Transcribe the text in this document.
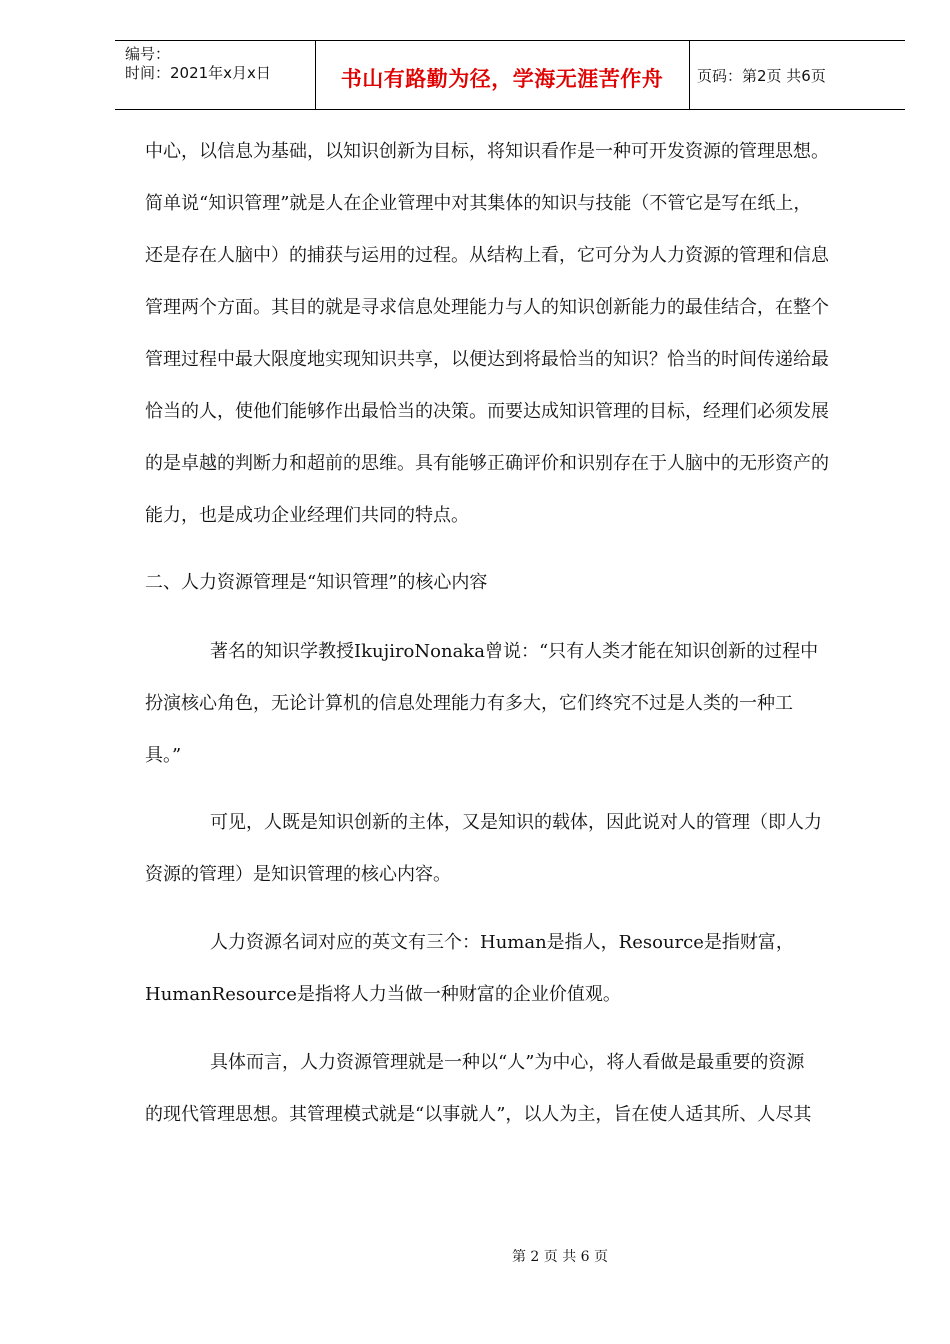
编号：
时间：2021年x月x日	书山有路勤为径，学海无涯苦作舟	页码：第2页 共6页
中心，以信息为基础，以知识创新为目标，将知识看作是一种可开发资源的管理思想。
简单说“知识管理”就是人在企业管理中对其集体的知识与技能（不管它是写在纸上，
还是存在人脑中）的捕获与运用的过程。从结构上看，它可分为人力资源的管理和信息
管理两个方面。其目的就是寻求信息处理能力与人的知识创新能力的最佳结合，在整个
管理过程中最大限度地实现知识共享，以便达到将最恰当的知识？恰当的时间传递给最
恰当的人，使他们能够作出最恰当的决策。而要达成知识管理的目标，经理们必须发展
的是卓越的判断力和超前的思维。具有能够正确评价和识别存在于人脑中的无形资产的
能力，也是成功企业经理们共同的特点。
二、人力资源管理是“知识管理”的核心内容
著名的知识学教授IkujiroNonaka曾说：“只有人类才能在知识创新的过程中
扮演核心角色，无论计算机的信息处理能力有多大，它们终究不过是人类的一种工
具。”
可见，人既是知识创新的主体，又是知识的载体，因此说对人的管理（即人力
资源的管理）是知识管理的核心内容。
人力资源名词对应的英文有三个：Human是指人，Resource是指财富，
HumanResource是指将人力当做一种财富的企业价值观。
具体而言，人力资源管理就是一种以“人”为中心，将人看做是最重要的资源
的现代管理思想。其管理模式就是“以事就人”，以人为主，旨在使人适其所、人尽其
第 2 页 共 6 页
